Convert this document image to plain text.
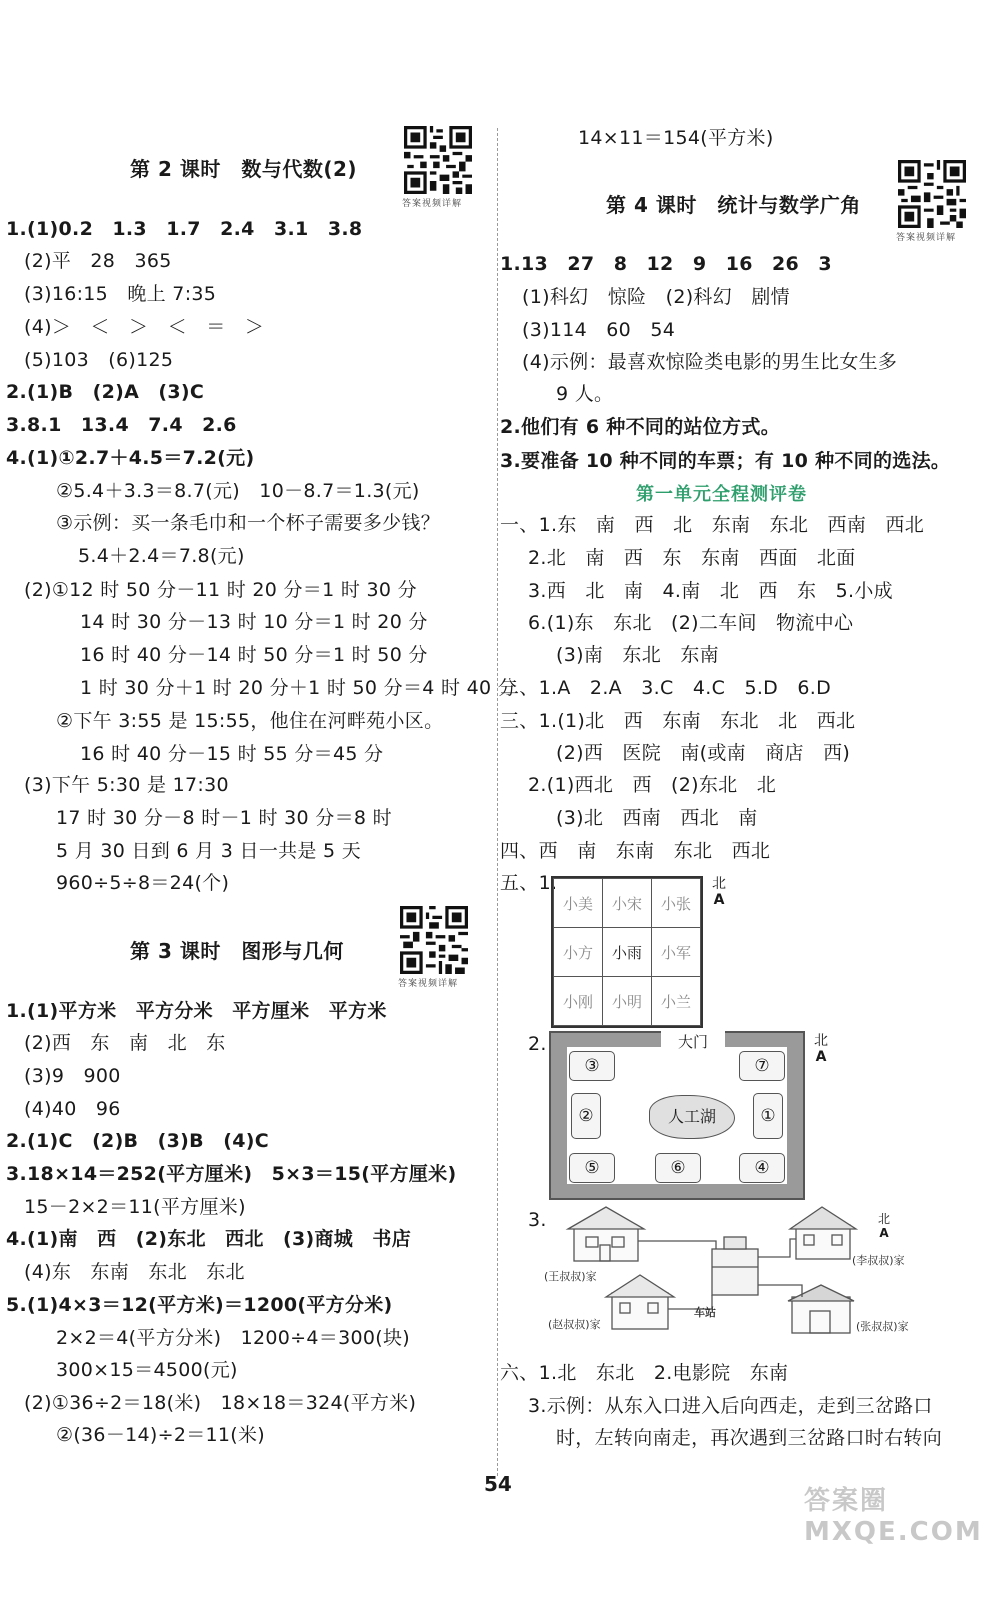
第 2 课时　数与代数(2)
答案视频详解
1.(1)0.2　1.3　1.7　2.4　3.1　3.8
(2)平　28　365
(3)16:15　晚上 7:35
(4)＞　＜　＞　＜　＝　＞
(5)103　(6)125
2.(1)B　(2)A　(3)C
3.8.1　13.4　7.4　2.6
4.(1)①2.7＋4.5＝7.2(元)
②5.4＋3.3＝8.7(元)　10－8.7＝1.3(元)
③示例：买一条毛巾和一个杯子需要多少钱？
5.4＋2.4＝7.8(元)
(2)①12 时 50 分－11 时 20 分＝1 时 30 分
14 时 30 分－13 时 10 分＝1 时 20 分
16 时 40 分－14 时 50 分＝1 时 50 分
1 时 30 分＋1 时 20 分＋1 时 50 分＝4 时 40 分
②下午 3:55 是 15:55，他住在河畔苑小区。
16 时 40 分－15 时 55 分＝45 分
(3)下午 5:30 是 17:30
17 时 30 分－8 时－1 时 30 分＝8 时
5 月 30 日到 6 月 3 日一共是 5 天
960÷5÷8＝24(个)
第 3 课时　图形与几何
答案视频详解
1.(1)平方米　平方分米　平方厘米　平方米
(2)西　东　南　北　东
(3)9　900
(4)40　96
2.(1)C　(2)B　(3)B　(4)C
3.18×14＝252(平方厘米)　5×3＝15(平方厘米)
15－2×2＝11(平方厘米)
4.(1)南　西　(2)东北　西北　(3)商城　书店
(4)东　东南　东北　东北
5.(1)4×3＝12(平方米)＝1200(平方分米)
2×2＝4(平方分米)　1200÷4＝300(块)
300×15＝4500(元)
(2)①36÷2＝18(米)　18×18＝324(平方米)
②(36－14)÷2＝11(米)
14×11＝154(平方米)
第 4 课时　统计与数学广角
答案视频详解
1.13　27　8　12　9　16　26　3
(1)科幻　惊险　(2)科幻　剧情
(3)114　60　54
(4)示例：最喜欢惊险类电影的男生比女生多
9 人。
2.他们有 6 种不同的站位方式。
3.要准备 10 种不同的车票；有 10 种不同的选法。
第一单元全程测评卷
一、1.东　南　西　北　东南　东北　西南　西北
2.北　南　西　东　东南　西面　北面
3.西　北　南　4.南　北　西　东　5.小成
6.(1)东　东北　(2)二车间　物流中心
(3)南　东北　东南
二、1.A　2.A　3.C　4.C　5.D　6.D
三、1.(1)北　西　东南　东北　北　西北
(2)西　医院　南(或南　商店　西)
2.(1)西北　西　(2)东北　北
(3)北　西南　西北　南
四、西　南　东南　东北　西北
五、1.
小美	小宋	小张
小方	小雨	小军
小刚	小明	小兰
北
A
2.	大门
③	⑦
②	人工湖	①
⑤	⑥	④
北
A
3.
(王叔叔)家
(李叔叔)家
(赵叔叔)家	(张叔叔)家
车站
北
A
六、1.北　东北　2.电影院　东南
3.示例：从东入口进入后向西走，走到三岔路口
时，左转向南走，再次遇到三岔路口时右转向
54
答案圈 MXQE.COM
